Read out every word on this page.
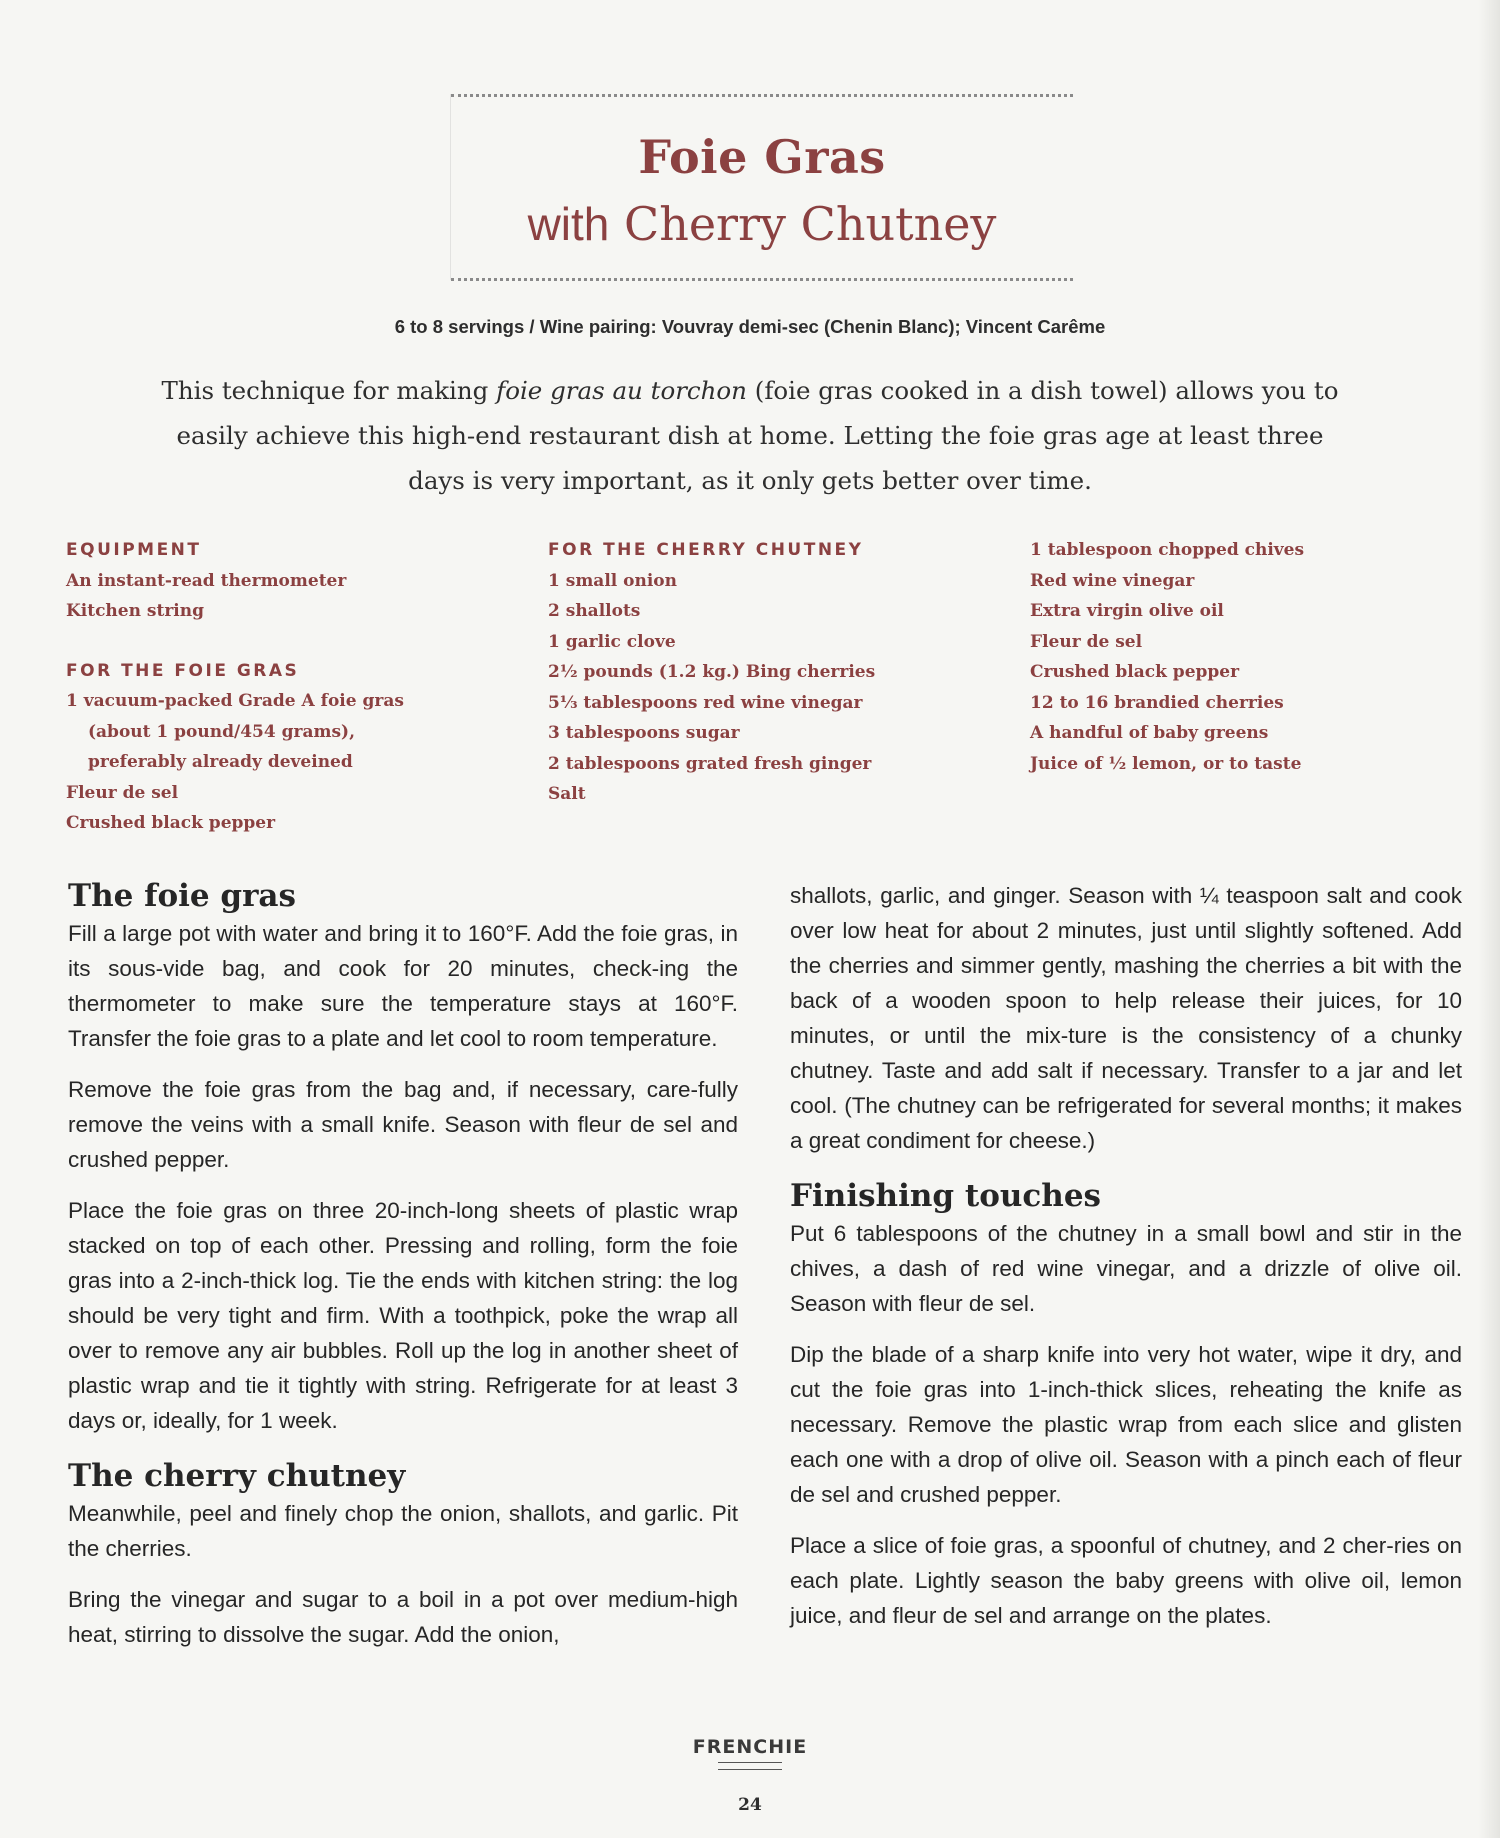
Foie Gras
with Cherry Chutney
6 to 8 servings / Wine pairing: Vouvray demi-sec (Chenin Blanc); Vincent Carême
This technique for making foie gras au torchon (foie gras cooked in a dish towel) allows you to easily achieve this high-end restaurant dish at home. Letting the foie gras age at least three days is very important, as it only gets better over time.
EQUIPMENT
An instant-read thermometer
Kitchen string
FOR THE FOIE GRAS
1 vacuum-packed Grade A foie gras
(about 1 pound/454 grams),
preferably already deveined
Fleur de sel
Crushed black pepper
FOR THE CHERRY CHUTNEY
1 small onion
2 shallots
1 garlic clove
2½ pounds (1.2 kg.) Bing cherries
5⅓ tablespoons red wine vinegar
3 tablespoons sugar
2 tablespoons grated fresh ginger
Salt
1 tablespoon chopped chives
Red wine vinegar
Extra virgin olive oil
Fleur de sel
Crushed black pepper
12 to 16 brandied cherries
A handful of baby greens
Juice of ½ lemon, or to taste
The foie gras

Fill a large pot with water and bring it to 160°F. Add the foie gras, in its sous-vide bag, and cook for 20 minutes, check-ing the thermometer to make sure the temperature stays at 160°F. Transfer the foie gras to a plate and let cool to room temperature.

Remove the foie gras from the bag and, if necessary, care-fully remove the veins with a small knife. Season with fleur de sel and crushed pepper.

Place the foie gras on three 20-inch-long sheets of plastic wrap stacked on top of each other. Pressing and rolling, form the foie gras into a 2-inch-thick log. Tie the ends with kitchen string: the log should be very tight and firm. With a toothpick, poke the wrap all over to remove any air bubbles. Roll up the log in another sheet of plastic wrap and tie it tightly with string. Refrigerate for at least 3 days or, ideally, for 1 week.

The cherry chutney

Meanwhile, peel and finely chop the onion, shallots, and garlic. Pit the cherries.

Bring the vinegar and sugar to a boil in a pot over medium-high heat, stirring to dissolve the sugar. Add the onion,

shallots, garlic, and ginger. Season with ¼ teaspoon salt and cook over low heat for about 2 minutes, just until slightly softened. Add the cherries and simmer gently, mashing the cherries a bit with the back of a wooden spoon to help release their juices, for 10 minutes, or until the mix-ture is the consistency of a chunky chutney. Taste and add salt if necessary. Transfer to a jar and let cool. (The chutney can be refrigerated for several months; it makes a great condiment for cheese.)

Finishing touches

Put 6 tablespoons of the chutney in a small bowl and stir in the chives, a dash of red wine vinegar, and a drizzle of olive oil. Season with fleur de sel.

Dip the blade of a sharp knife into very hot water, wipe it dry, and cut the foie gras into 1-inch-thick slices, reheating the knife as necessary. Remove the plastic wrap from each slice and glisten each one with a drop of olive oil. Season with a pinch each of fleur de sel and crushed pepper.

Place a slice of foie gras, a spoonful of chutney, and 2 cher-ries on each plate. Lightly season the baby greens with olive oil, lemon juice, and fleur de sel and arrange on the plates.

FRENCHIE
24
